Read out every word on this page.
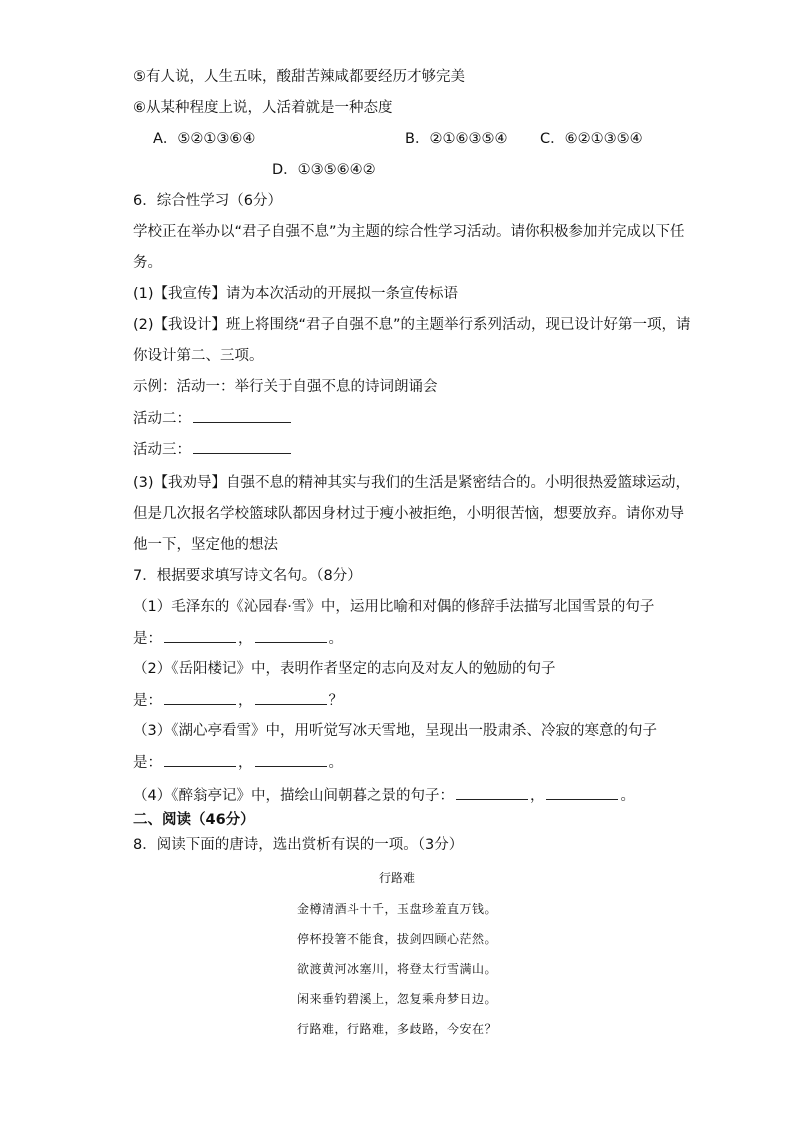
⑤有人说，人生五味，酸甜苦辣咸都要经历才够完美
⑥从某种程度上说，人活着就是一种态度
A．⑤②①③⑥④	B．②①⑥③⑤④ C．⑥②①③⑤④
D．①③⑤⑥④②
6．综合性学习（6分）
学校正在举办以“君子自强不息”为主题的综合性学习活动。请你积极参加并完成以下任
务。
(1)【我宣传】请为本次活动的开展拟一条宣传标语
(2)【我设计】班上将围绕“君子自强不息”的主题举行系列活动，现已设计好第一项，请
你设计第二、三项。
示例：活动一：举行关于自强不息的诗词朗诵会
活动二：
活动三：
(3)【我劝导】自强不息的精神其实与我们的生活是紧密结合的。小明很热爱篮球运动，
但是几次报名学校篮球队都因身材过于瘦小被拒绝，小明很苦恼，想要放弃。请你劝导
他一下，坚定他的想法
7．根据要求填写诗文名句。（8分）
（1）毛泽东的《沁园春·雪》中，运用比喻和对偶的修辞手法描写北国雪景的句子
是：	，	。
（2）《岳阳楼记》中，表明作者坚定的志向及对友人的勉励的句子
是：	，	？
（3）《湖心亭看雪》中，用听觉写冰天雪地，呈现出一股肃杀、冷寂的寒意的句子
是：	，	。
（4）《醉翁亭记》中，描绘山间朝暮之景的句子：	，	。
二、阅读（46分）
8．阅读下面的唐诗，选出赏析有误的一项。（3分）
行路难
金樽清酒斗十千，玉盘珍羞直万钱。
停杯投箸不能食，拔剑四顾心茫然。
欲渡黄河冰塞川，将登太行雪满山。
闲来垂钓碧溪上，忽复乘舟梦日边。
行路难，行路难，多歧路，今安在？
